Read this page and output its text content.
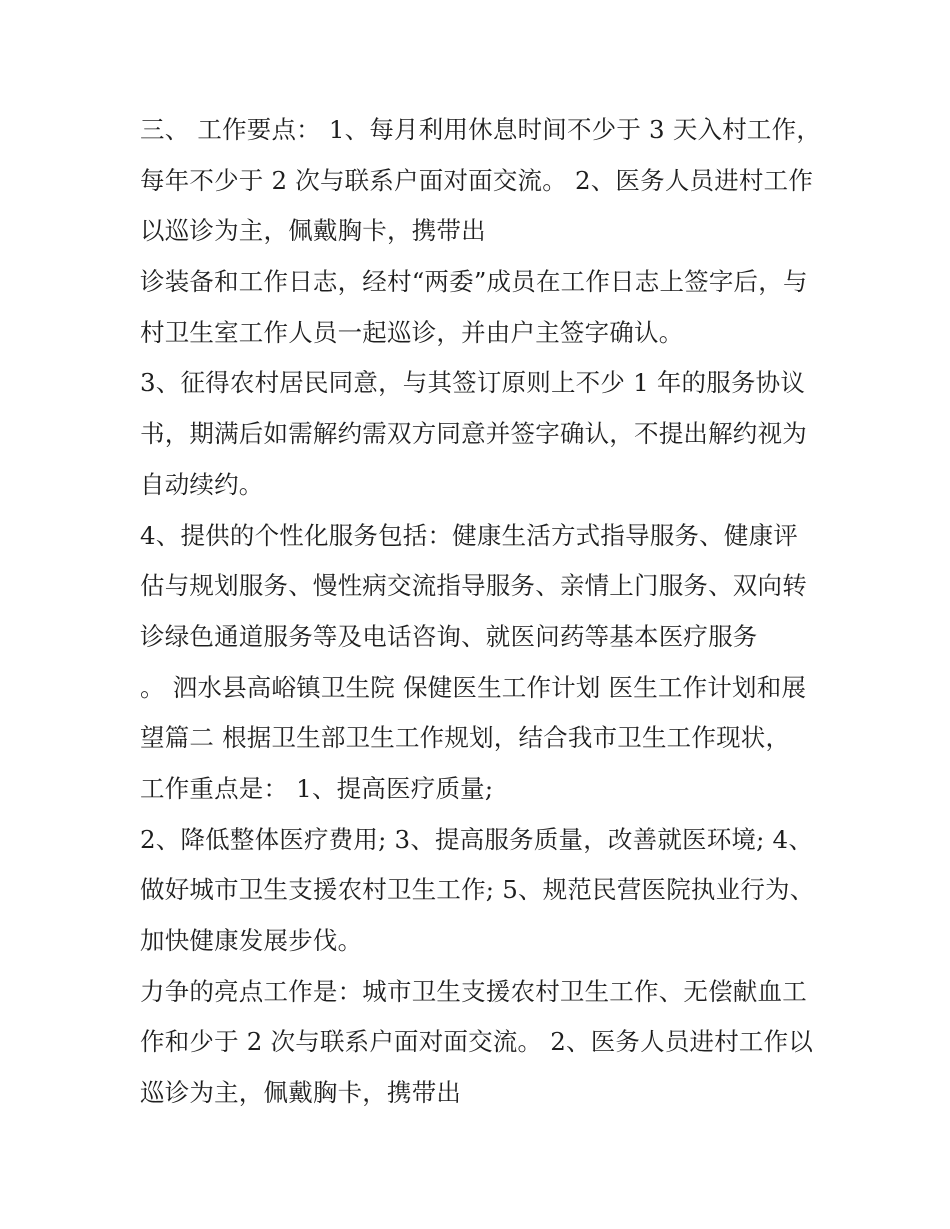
三、 工作要点： 1、每月利用休息时间不少于 3 天入村工作，
每年不少于 2 次与联系户面对面交流。 2、医务人员进村工作
以巡诊为主，佩戴胸卡，携带出
诊装备和工作日志，经村“两委”成员在工作日志上签字后，与
村卫生室工作人员一起巡诊，并由户主签字确认。
3、征得农村居民同意，与其签订原则上不少 1 年的服务协议
书，期满后如需解约需双方同意并签字确认，不提出解约视为
自动续约。
4、提供的个性化服务包括：健康生活方式指导服务、健康评
估与规划服务、慢性病交流指导服务、亲情上门服务、双向转
诊绿色通道服务等及电话咨询、就医问药等基本医疗服务
。 泗水县高峪镇卫生院 保健医生工作计划 医生工作计划和展
望篇二 根据卫生部卫生工作规划，结合我市卫生工作现状，
工作重点是： 1、提高医疗质量;
2、降低整体医疗费用; 3、提高服务质量，改善就医环境; 4、
做好城市卫生支援农村卫生工作; 5、规范民营医院执业行为、
加快健康发展步伐。
力争的亮点工作是：城市卫生支援农村卫生工作、无偿献血工
作和少于 2 次与联系户面对面交流。 2、医务人员进村工作以
巡诊为主，佩戴胸卡，携带出
